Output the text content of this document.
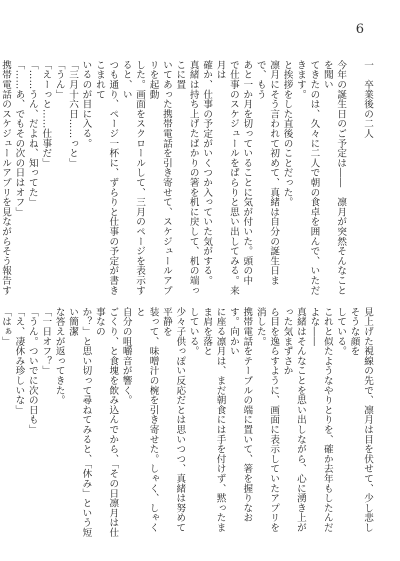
6

一　卒業後の二人

今年の誕生日のご予定は――　凛月が突然そんなことを聞い

てきたのは、久々に二人で朝の食卓を囲んで、いただきます。

と挨拶をした直後のことだった。

凛月にそう言われて初めて、真緒は自分の誕生日まで、もう

あと一か月を切っていることに気が付いた。頭の中

で仕事のスケジュールをぱらりと思い出してみる。来月は

確か、仕事の予定がいくつか入っていた気がする。

真緒は持ち上げたばかりの箸を机に戻して、机の端っこに置

いてあった携帯電話を引き寄せて、スケジュールアプリを起動

した。画面をスクロールして、三月のページを表示すると、い

つも通り、ページ一杯に、ずらりと仕事の予定が書きこまれて

いるのが目に入る。

「三月十六日……っと」

「うん」

「えーっと……仕事だ」

「……うん、だよね、知ってた」

「……あ、でもその次の日はオフ」

携帯電話のスケジュールアプリを見ながらそう報告す

見上げた視線の先で、凛月は目を伏せて、少し悲しそうな顔を

している。

これと似たようなやりとりを、確か去年もしたんだよな――

真緒はそんなことを思い出しながら、心に湧き上がった気まずさか

ら目を逸らすように、画面に表示していたアプリを消した。

携帯電話をテーブルの端に置いて、箸を握りなおす。向かい

に座る凛月は、まだ朝食には手を付けず、黙ったまま肩を落と

している。

少々子供っぽい反応だとは思いつつ、真緒は努めて平静を

装って、味噌汁の椀を引き寄せた。しゃく、しゃくと

自分の咀嚼音が響く。

ごくり、と食塊を飲み込んでから、「その日凛月は仕事なの

か？」と思い切って尋ねてみると、「休み」という短い簡潔

な答えが返ってきた。

「一日オフ？」

「うん。ついでに次の日も」

「え、凄休み珍しいな」

「はぁ」
